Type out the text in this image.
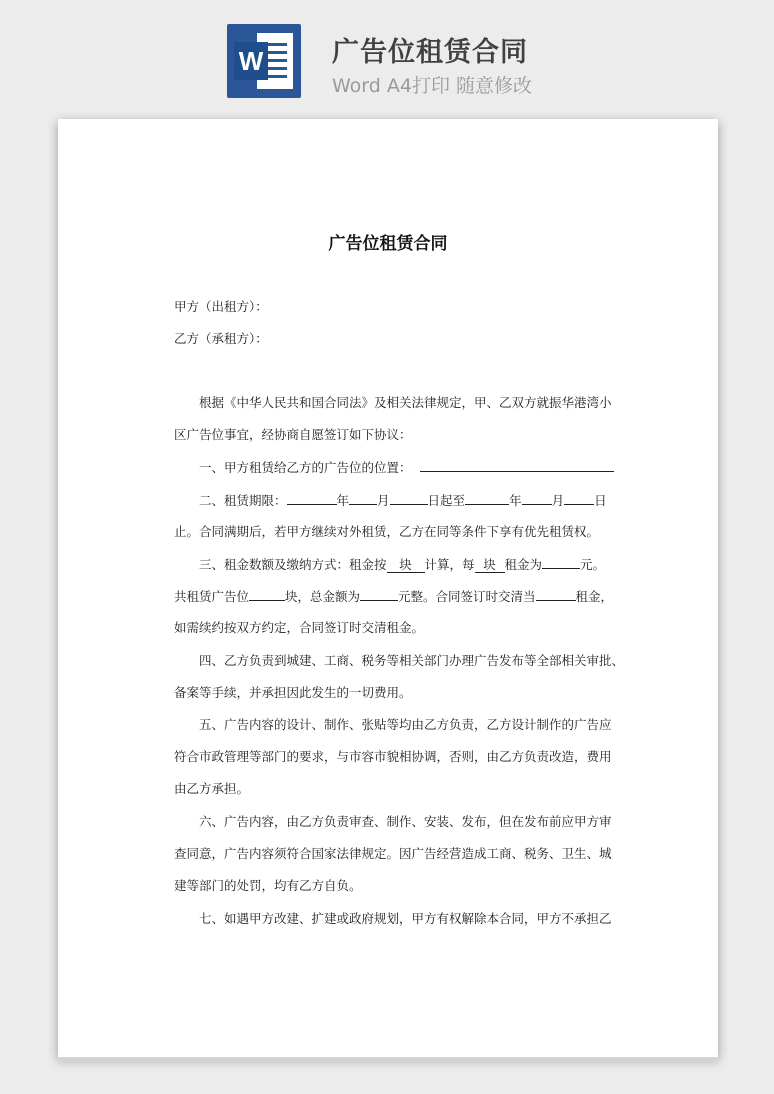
W	广告位租赁合同
Word A4打印 随意修改
广告位租赁合同
甲方（出租方）：
乙方（承租方）：
根据《中华人民共和国合同法》及相关法律规定，甲、乙双方就振华港湾小
区广告位事宜，经协商自愿签订如下协议：
一、甲方租赁给乙方的广告位的位置：
二、租赁期限：	年 月	日起至	年 月 日
止。合同满期后，若甲方继续对外租赁，乙方在同等条件下享有优先租赁权。
三、租金数额及缴纳方式：租金按 块 计算，每 块 租金为	元。
共租赁广告位	块，总金额为	元整。合同签订时交清当	租金，
如需续约按双方约定，合同签订时交清租金。
四、乙方负责到城建、工商、税务等相关部门办理广告发布等全部相关审批、
备案等手续，并承担因此发生的一切费用。
五、广告内容的设计、制作、张贴等均由乙方负责，乙方设计制作的广告应
符合市政管理等部门的要求，与市容市貌相协调，否则，由乙方负责改造，费用
由乙方承担。
六、广告内容，由乙方负责审查、制作、安装、发布，但在发布前应甲方审
查同意，广告内容须符合国家法律规定。因广告经营造成工商、税务、卫生、城
建等部门的处罚，均有乙方自负。
七、如遇甲方改建、扩建或政府规划，甲方有权解除本合同，甲方不承担乙
